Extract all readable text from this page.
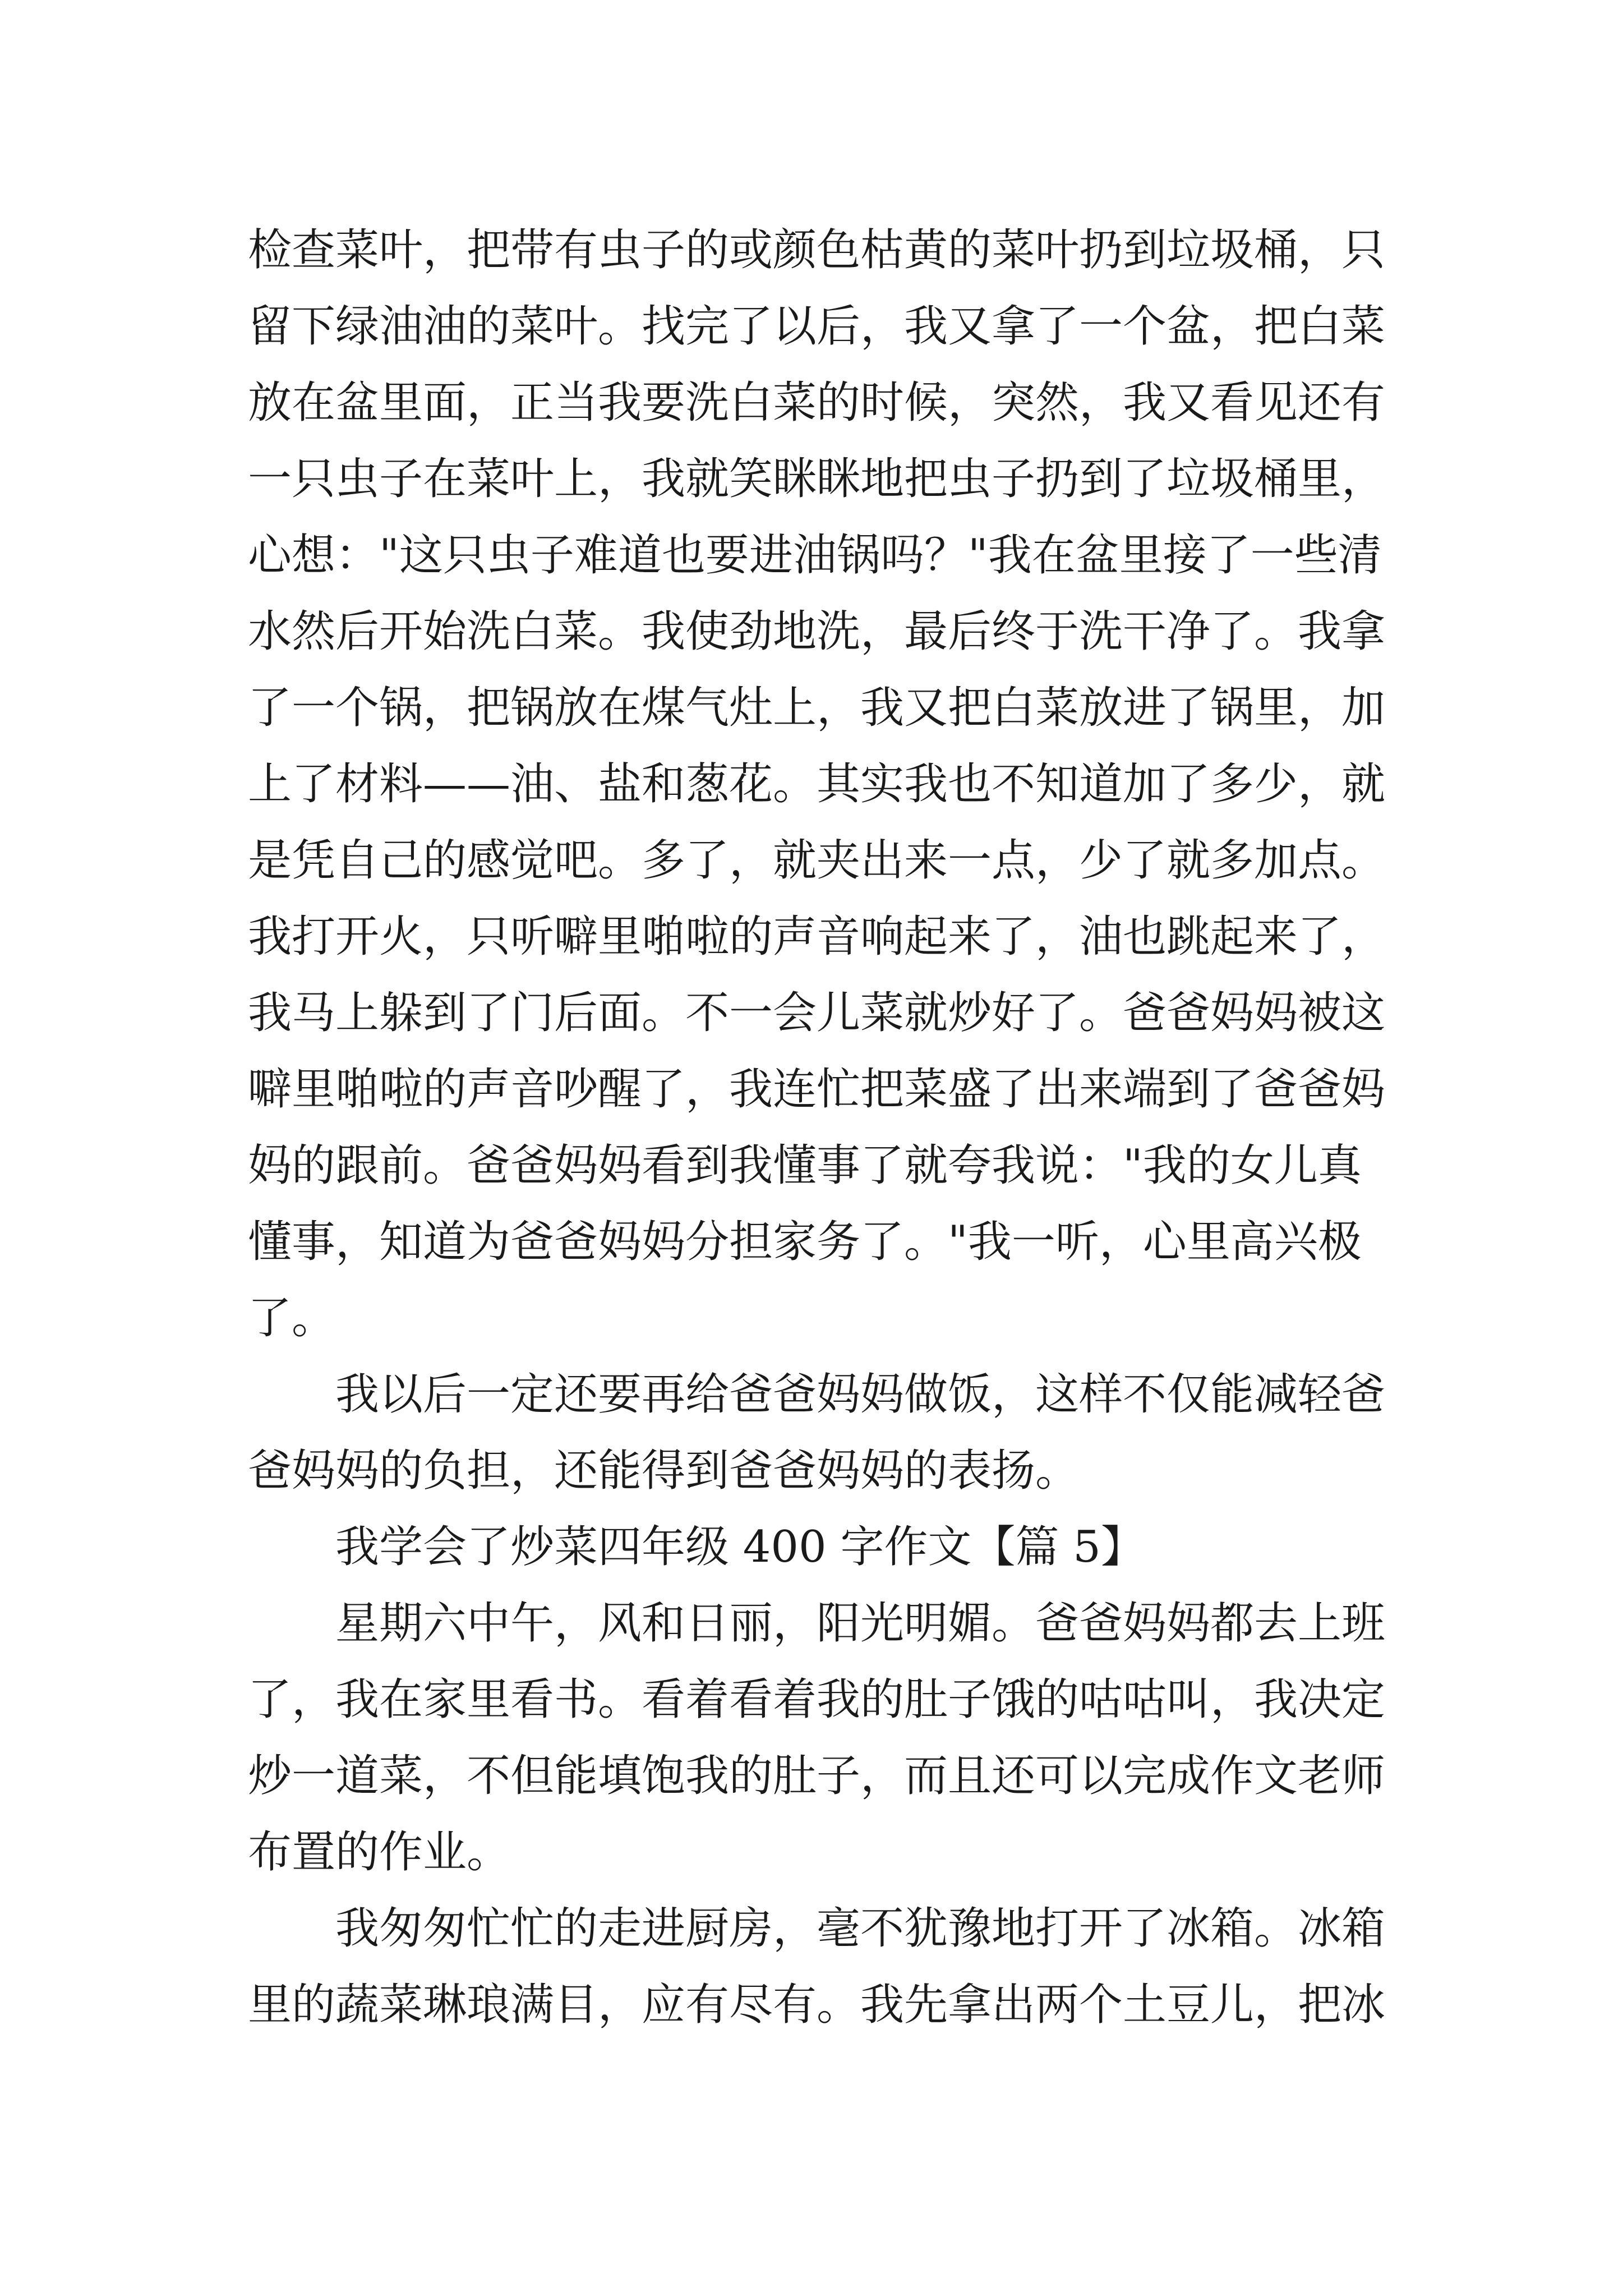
检查菜叶，把带有虫子的或颜色枯黄的菜叶扔到垃圾桶，只
留下绿油油的菜叶。找完了以后，我又拿了一个盆，把白菜
放在盆里面，正当我要洗白菜的时候，突然，我又看见还有
一只虫子在菜叶上，我就笑眯眯地把虫子扔到了垃圾桶里，
心想："这只虫子难道也要进油锅吗？"我在盆里接了一些清
水然后开始洗白菜。我使劲地洗，最后终于洗干净了。我拿
了一个锅，把锅放在煤气灶上，我又把白菜放进了锅里，加
上了材料——油、盐和葱花。其实我也不知道加了多少，就
是凭自己的感觉吧。多了，就夹出来一点，少了就多加点。
我打开火，只听噼里啪啦的声音响起来了，油也跳起来了，
我马上躲到了门后面。不一会儿菜就炒好了。爸爸妈妈被这
噼里啪啦的声音吵醒了，我连忙把菜盛了出来端到了爸爸妈
妈的跟前。爸爸妈妈看到我懂事了就夸我说："我的女儿真
懂事，知道为爸爸妈妈分担家务了。"我一听，心里高兴极
了。
我以后一定还要再给爸爸妈妈做饭，这样不仅能减轻爸
爸妈妈的负担，还能得到爸爸妈妈的表扬。
我学会了炒菜四年级 400 字作文【篇 5】
星期六中午，风和日丽，阳光明媚。爸爸妈妈都去上班
了，我在家里看书。看着看着我的肚子饿的咕咕叫，我决定
炒一道菜，不但能填饱我的肚子，而且还可以完成作文老师
布置的作业。
我匆匆忙忙的走进厨房，毫不犹豫地打开了冰箱。冰箱
里的蔬菜琳琅满目，应有尽有。我先拿出两个土豆儿，把冰
